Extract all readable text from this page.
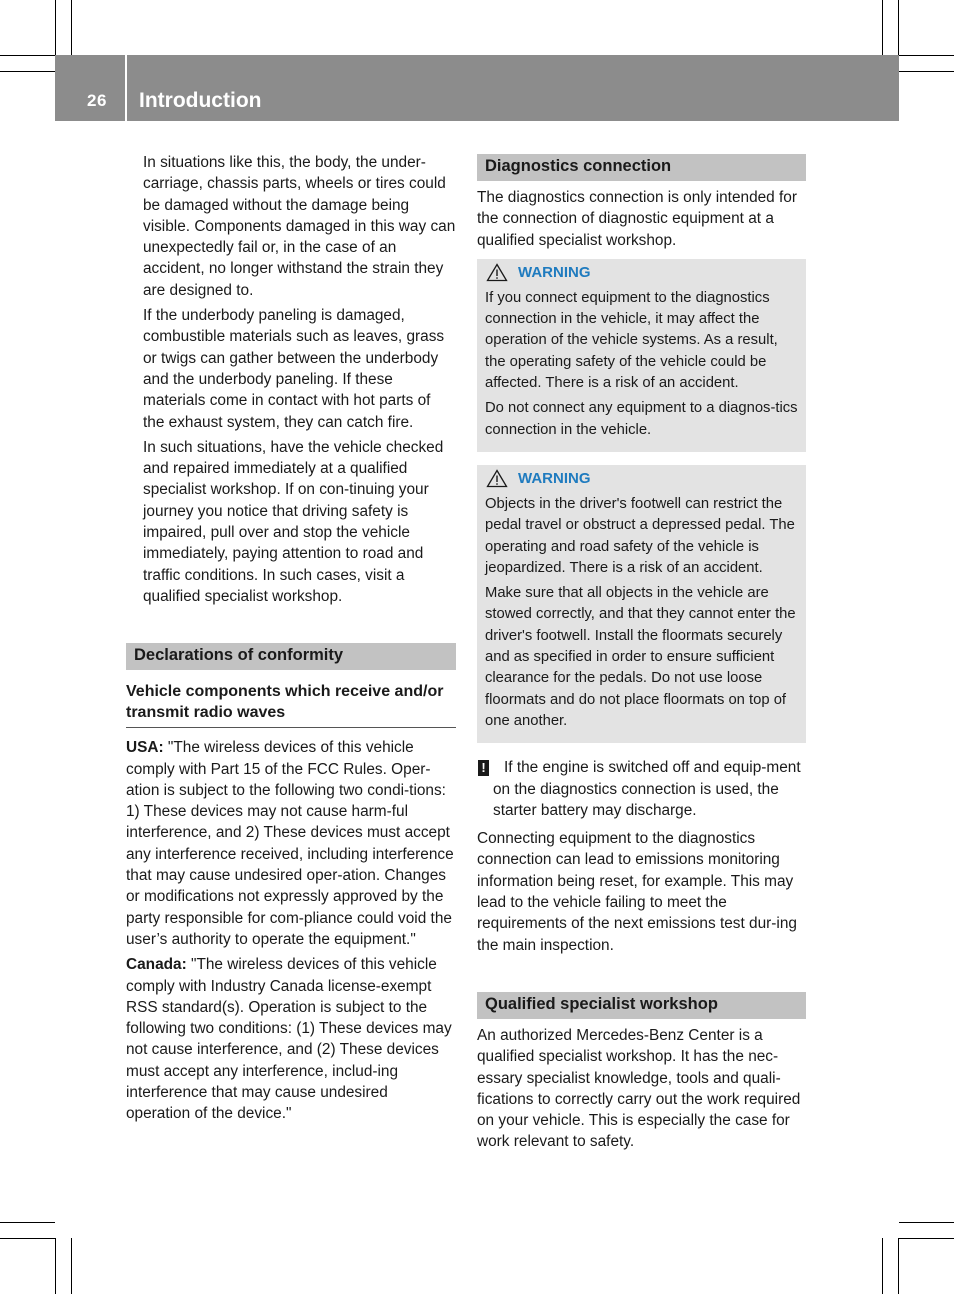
26 Introduction

In situations like this, the body, the under-carriage, chassis parts, wheels or tires could be damaged without the damage being visible. Components damaged in this way can unexpectedly fail or, in the case of an accident, no longer withstand the strain they are designed to.

If the underbody paneling is damaged, combustible materials such as leaves, grass or twigs can gather between the underbody and the underbody paneling. If these materials come in contact with hot parts of the exhaust system, they can catch fire.

In such situations, have the vehicle checked and repaired immediately at a qualified specialist workshop. If on con-tinuing your journey you notice that driving safety is impaired, pull over and stop the vehicle immediately, paying attention to road and traffic conditions. In such cases, visit a qualified specialist workshop.

Declarations of conformity
Vehicle components which receive and/or transmit radio waves

USA: "The wireless devices of this vehicle comply with Part 15 of the FCC Rules. Oper-ation is subject to the following two condi-tions: 1) These devices may not cause harm-ful interference, and 2) These devices must accept any interference received, including interference that may cause undesired oper-ation. Changes or modifications not expressly approved by the party responsible for com-pliance could void the user’s authority to operate the equipment."

Canada: "The wireless devices of this vehicle comply with Industry Canada license-exempt RSS standard(s). Operation is subject to the following two conditions: (1) These devices may not cause interference, and (2) These devices must accept any interference, includ-ing interference that may cause undesired operation of the device."

Diagnostics connection

The diagnostics connection is only intended for the connection of diagnostic equipment at a qualified specialist workshop.

WARNING

If you connect equipment to the diagnostics connection in the vehicle, it may affect the operation of the vehicle systems. As a result, the operating safety of the vehicle could be affected. There is a risk of an accident.

Do not connect any equipment to a diagnos-tics connection in the vehicle.

WARNING

Objects in the driver's footwell can restrict the pedal travel or obstruct a depressed pedal. The operating and road safety of the vehicle is jeopardized. There is a risk of an accident.

Make sure that all objects in the vehicle are stowed correctly, and that they cannot enter the driver's footwell. Install the floormats securely and as specified in order to ensure sufficient clearance for the pedals. Do not use loose floormats and do not place floormats on top of one another.

!	If the engine is switched off and equip-ment on the diagnostics connection is used, the starter battery may discharge.

Connecting equipment to the diagnostics connection can lead to emissions monitoring information being reset, for example. This may lead to the vehicle failing to meet the requirements of the next emissions test dur-ing the main inspection.

Qualified specialist workshop

An authorized Mercedes-Benz Center is a qualified specialist workshop. It has the nec-essary specialist knowledge, tools and quali-fications to correctly carry out the work required on your vehicle. This is especially the case for work relevant to safety.
